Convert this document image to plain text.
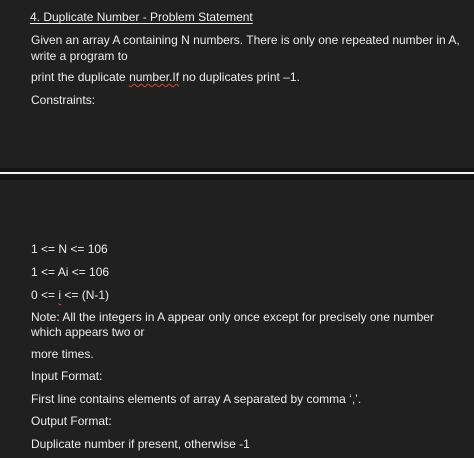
4. Duplicate Number - Problem Statement
Given an array A containing N numbers. There is only one repeated number in A,
write a program to
print the duplicate number.If no duplicates print –1.
Constraints:
1 <= N <= 106
1 <= Ai <= 106
0 <= i <= (N-1)
Note: All the integers in A appear only once except for precisely one number
which appears two or
more times.
Input Format:
First line contains elements of array A separated by comma ‘,’.
Output Format:
Duplicate number if present, otherwise -1
